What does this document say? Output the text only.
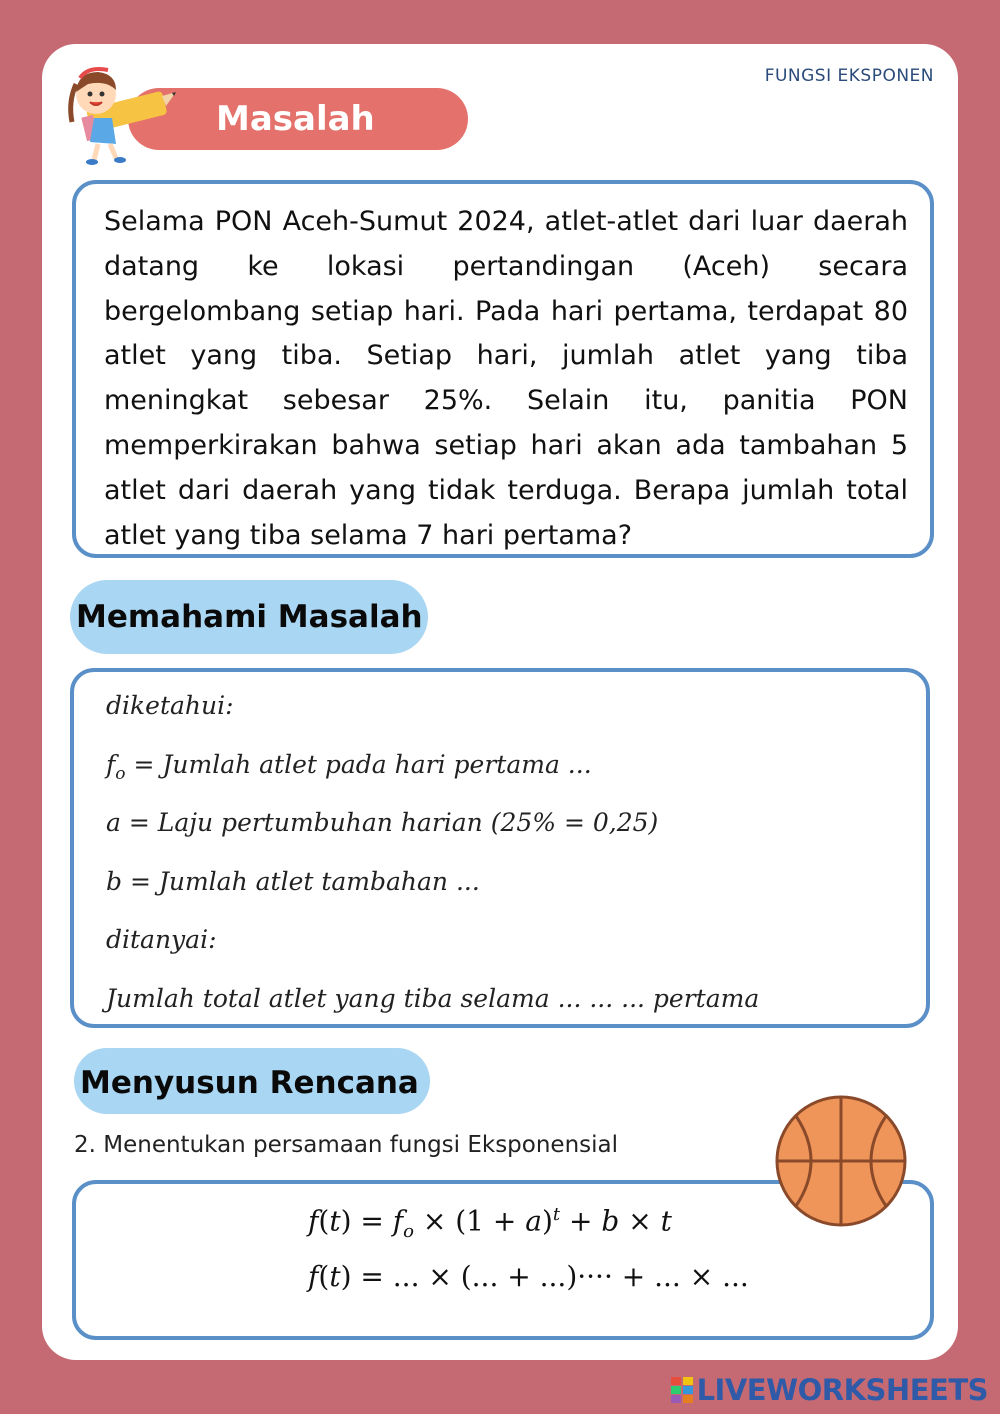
FUNGSI EKSPONEN
Masalah

Selama PON Aceh-Sumut 2024, atlet-atlet dari luar daerah datang ke lokasi pertandingan (Aceh) secara bergelombang setiap hari. Pada hari pertama, terdapat 80 atlet yang tiba. Setiap hari, jumlah atlet yang tiba meningkat sebesar 25%. Selain itu, panitia PON memperkirakan bahwa setiap hari akan ada tambahan 5 atlet dari daerah yang tidak terduga. Berapa jumlah total atlet yang tiba selama 7 hari pertama?

Memahami Masalah
diketahui:
$f_o$ = Jumlah atlet pada hari pertama ...
a = Laju pertumbuhan harian (25% = 0,25)
b = Jumlah atlet tambahan ...
ditanyai:
Jumlah total atlet yang tiba selama ... ... ... pertama
Menyusun Rencana
2. Menentukan persamaan fungsi Eksponensial
$f(t) = f_o \times (1 + a)^t + b \times t$
f(t) = ... × (... + ...)···· + ... × ...
LIVEWORKSHEETS
